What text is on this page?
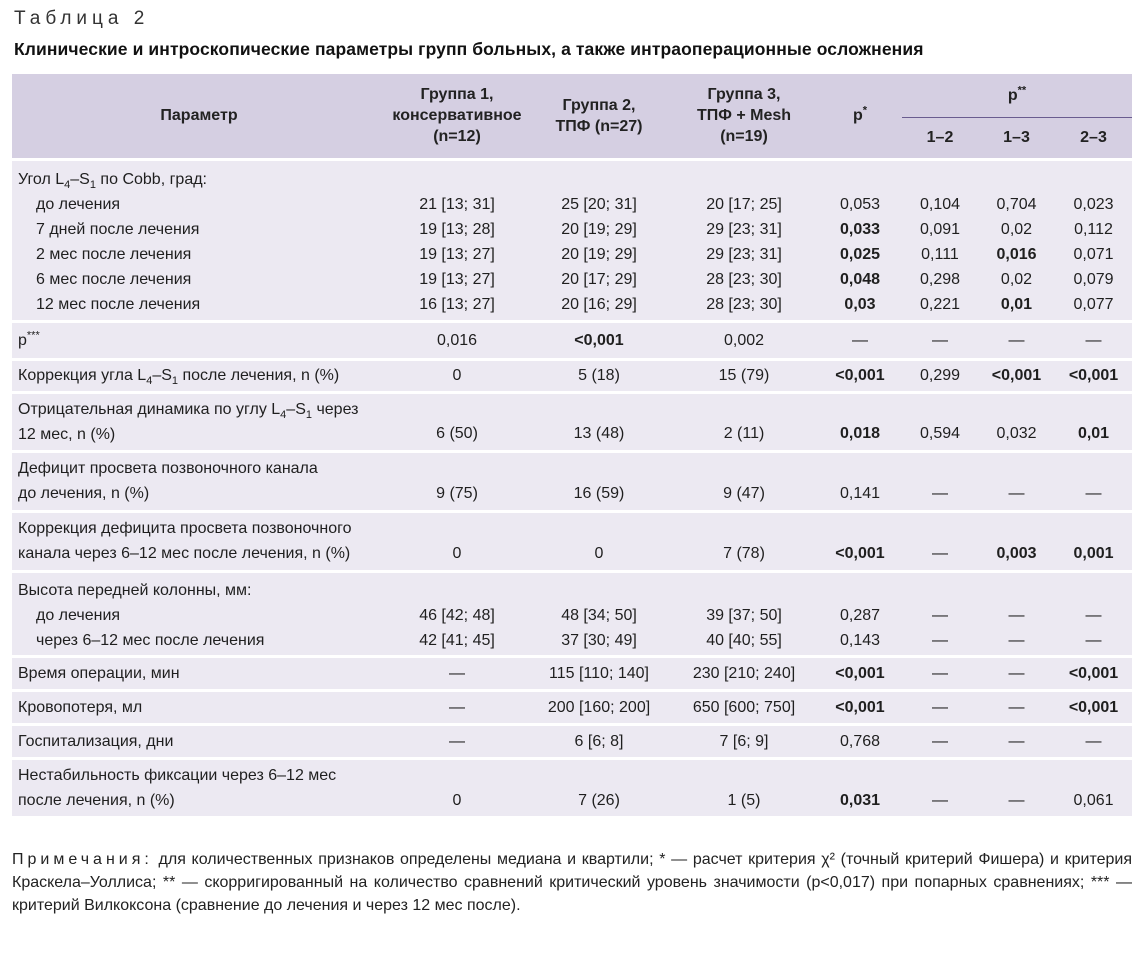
Таблица 2
Клинические и интроскопические параметры групп больных, а также интраоперационные осложнения
Параметр	Группа 1,
консервативное
(n=12)	Группа 2,
ТПФ (n=27)	Группа 3,
ТПФ + Mesh
(n=19)	p*	p**
					1–2	1–3	2–3
Угол $L_4-S_1$ по Cobb, град:							
до лечения	21 [13; 31]	25 [20; 31]	20 [17; 25]	0,053	0,104	0,704	0,023
7 дней после лечения	19 [13; 28]	20 [19; 29]	29 [23; 31]	0,033	0,091	0,02	0,112
2 мес после лечения	19 [13; 27]	20 [19; 29]	29 [23; 31]	0,025	0,111	0,016	0,071
6 мес после лечения	19 [13; 27]	20 [17; 29]	28 [23; 30]	0,048	0,298	0,02	0,079
12 мес после лечения	16 [13; 27]	20 [16; 29]	28 [23; 30]	0,03	0,221	0,01	0,077
p***	0,016	<0,001	0,002	—	—	—	—
Коррекция угла $L_4-S_1$ после лечения, n (%)	0	5 (18)	15 (79)	<0,001	0,299	<0,001	<0,001
Отрицательная динамика по углу $L_4-S_1$ через
12 мес, n (%)	6 (50)	13 (48)	2 (11)	0,018	0,594	0,032	0,01
Дефицит просвета позвоночного канала
до лечения, n (%)	9 (75)	16 (59)	9 (47)	0,141	—	—	—
Коррекция дефицита просвета позвоночного
канала через 6–12 мес после лечения, n (%)	0	0	7 (78)	<0,001	—	0,003	0,001
Высота передней колонны, мм:							
до лечения	46 [42; 48]	48 [34; 50]	39 [37; 50]	0,287	—	—	—
через 6–12 мес после лечения	42 [41; 45]	37 [30; 49]	40 [40; 55]	0,143	—	—	—
Время операции, мин	—	115 [110; 140]	230 [210; 240]	<0,001	—	—	<0,001
Кровопотеря, мл	—	200 [160; 200]	650 [600; 750]	<0,001	—	—	<0,001
Госпитализация, дни	—	6 [6; 8]	7 [6; 9]	0,768	—	—	—
Нестабильность фиксации через 6–12 мес
после лечения, n (%)	0	7 (26)	1 (5)	0,031	—	—	0,061
Примечания: для количественных признаков определены медиана и квартили; * — расчет критерия χ² (точный критерий Фишера) и критерия Краскела–Уоллиса; ** — скорригированный на количество сравнений критический уровень значимости (p<0,017) при попарных сравнениях; *** — критерий Вилкоксона (сравнение до лечения и через 12 мес после).
